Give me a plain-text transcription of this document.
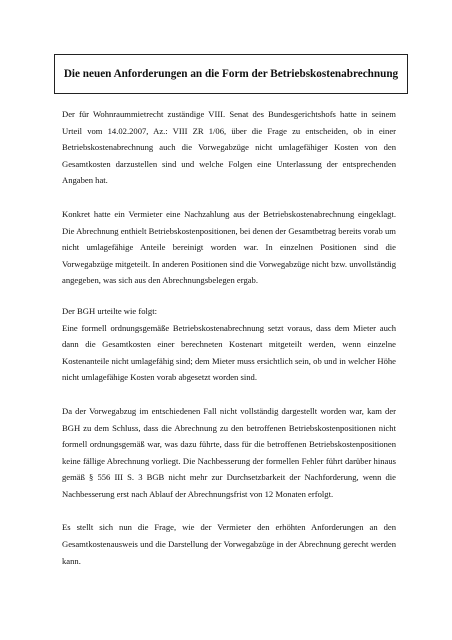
Die neuen Anforderungen an die Form der Betriebskostenabrechnung

Der für Wohnraummietrecht zuständige VIII. Senat des Bundesgerichtshofs hatte in seinem Urteil vom 14.02.2007, Az.: VIII ZR 1/06, über die Frage zu entscheiden, ob in einer Betriebskostenabrechnung auch die Vorwegabzüge nicht umlagefähiger Kosten von den Gesamtkosten darzustellen sind und welche Folgen eine Unterlassung der entsprechenden Angaben hat.

Konkret hatte ein Vermieter eine Nachzahlung aus der Betriebskostenabrechnung eingeklagt. Die Abrechnung enthielt Betriebskostenpositionen, bei denen der Gesamtbetrag bereits vorab um nicht umlagefähige Anteile bereinigt worden war. In einzelnen Positionen sind die Vorwegabzüge mitgeteilt. In anderen Positionen sind die Vorwegabzüge nicht bzw. unvollständig angegeben, was sich aus den Abrechnungsbelegen ergab.

Der BGH urteilte wie folgt:

Eine formell ordnungsgemäße Betriebskostenabrechnung setzt voraus, dass dem Mieter auch dann die Gesamtkosten einer berechneten Kostenart mitgeteilt werden, wenn einzelne Kostenanteile nicht umlagefähig sind; dem Mieter muss ersichtlich sein, ob und in welcher Höhe nicht umlagefähige Kosten vorab abgesetzt worden sind.

Da der Vorwegabzug im entschiedenen Fall nicht vollständig dargestellt worden war, kam der BGH zu dem Schluss, dass die Abrechnung zu den betroffenen Betriebskostenpositionen nicht formell ordnungsgemäß war, was dazu führte, dass für die betroffenen Betriebskostenpositionen keine fällige Abrechnung vorliegt. Die Nachbesserung der formellen Fehler führt darüber hinaus gemäß § 556 III S. 3 BGB nicht mehr zur Durchsetzbarkeit der Nachforderung, wenn die Nachbesserung erst nach Ablauf der Abrechnungsfrist von 12 Monaten erfolgt.

Es stellt sich nun die Frage, wie der Vermieter den erhöhten Anforderungen an den Gesamtkostenausweis und die Darstellung der Vorwegabzüge in der Abrechnung gerecht werden kann.
